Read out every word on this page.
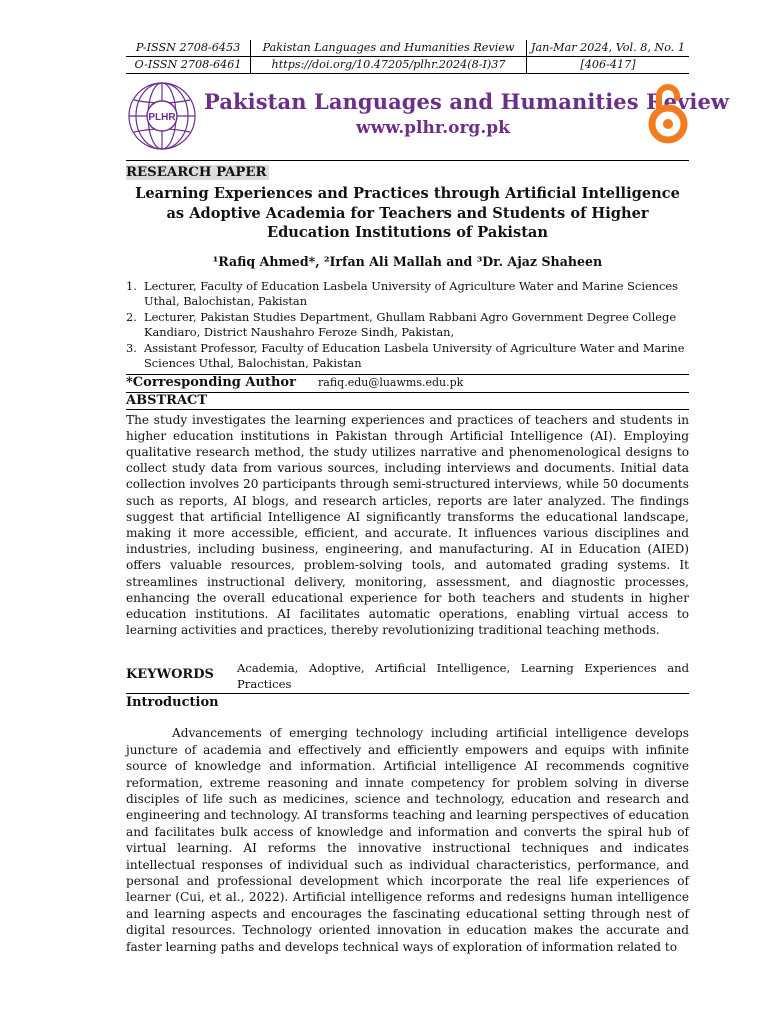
P-ISSN 2708-6453	Pakistan Languages and Humanities Review	Jan-Mar 2024, Vol. 8, No. 1
O-ISSN 2708-6461	https://doi.org/10.47205/plhr.2024(8-I)37	[406-417]
PLHR
Pakistan Languages and Humanities Review
www.plhr.org.pk
RESEARCH PAPER
Learning Experiences and Practices through Artificial Intelligence as Adoptive Academia for Teachers and Students of Higher Education Institutions of Pakistan
¹Rafiq Ahmed*, ²Irfan Ali Mallah and ³Dr. Ajaz Shaheen
1. Lecturer, Faculty of Education Lasbela University of Agriculture Water and Marine Sciences Uthal, Balochistan, Pakistan
2. Lecturer, Pakistan Studies Department, Ghullam Rabbani Agro Government Degree College Kandiaro, District Naushahro Feroze Sindh, Pakistan,
3. Assistant Professor, Faculty of Education Lasbela University of Agriculture Water and Marine Sciences Uthal, Balochistan, Pakistan
*Corresponding Author	rafiq.edu@luawms.edu.pk
ABSTRACT

The study investigates the learning experiences and practices of teachers and students in higher education institutions in Pakistan through Artificial Intelligence (AI). Employing qualitative research method, the study utilizes narrative and phenomenological designs to collect study data from various sources, including interviews and documents. Initial data collection involves 20 participants through semi-structured interviews, while 50 documents such as reports, AI blogs, and research articles, reports are later analyzed. The findings suggest that artificial Intelligence AI significantly transforms the educational landscape, making it more accessible, efficient, and accurate. It influences various disciplines and industries, including business, engineering, and manufacturing. AI in Education (AIED) offers valuable resources, problem-solving tools, and automated grading systems. It streamlines instructional delivery, monitoring, assessment, and diagnostic processes, enhancing the overall educational experience for both teachers and students in higher education institutions. AI facilitates automatic operations, enabling virtual access to learning activities and practices, thereby revolutionizing traditional teaching methods.

KEYWORDS	Academia, Adoptive, Artificial Intelligence, Learning Experiences and Practices
Introduction

Advancements of emerging technology including artificial intelligence develops juncture of academia and effectively and efficiently empowers and equips with infinite source of knowledge and information. Artificial intelligence AI recommends cognitive reformation, extreme reasoning and innate competency for problem solving in diverse disciples of life such as medicines, science and technology, education and research and engineering and technology. AI transforms teaching and learning perspectives of education and facilitates bulk access of knowledge and information and converts the spiral hub of virtual learning. AI reforms the innovative instructional techniques and indicates intellectual responses of individual such as individual characteristics, performance, and personal and professional development which incorporate the real life experiences of learner (Cui, et al., 2022). Artificial intelligence reforms and redesigns human intelligence and learning aspects and encourages the fascinating educational setting through nest of digital resources. Technology oriented innovation in education makes the accurate and faster learning paths and develops technical ways of exploration of information related to
